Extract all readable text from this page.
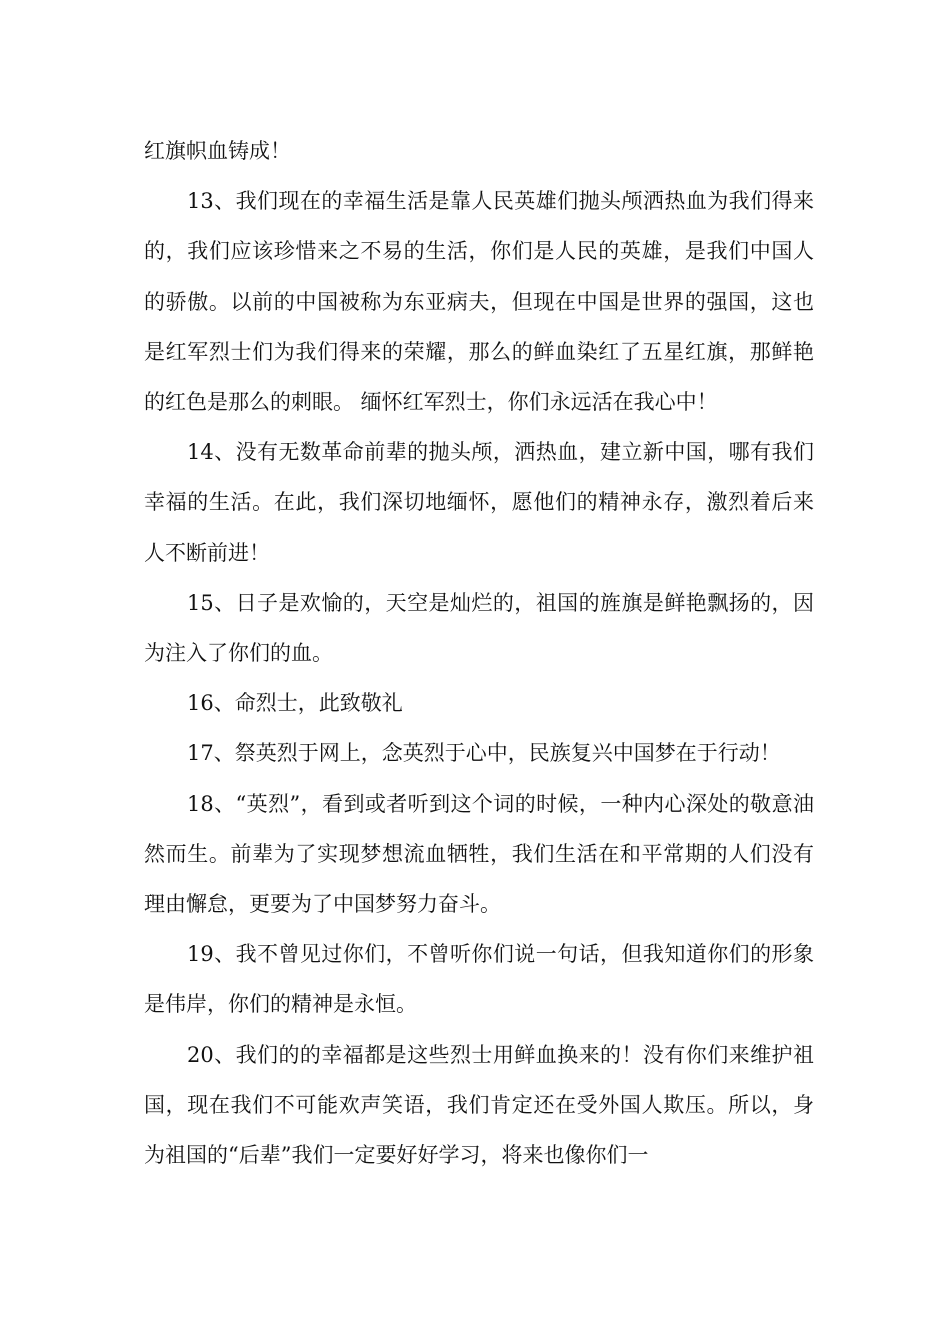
红旗帜血铸成！

13、我们现在的幸福生活是靠人民英雄们抛头颅洒热血为我们得来的，我们应该珍惜来之不易的生活，你们是人民的英雄，是我们中国人的骄傲。以前的中国被称为东亚病夫，但现在中国是世界的强国，这也是红军烈士们为我们得来的荣耀，那么的鲜血染红了五星红旗，那鲜艳的红色是那么的刺眼。 缅怀红军烈士，你们永远活在我心中！

14、没有无数革命前辈的抛头颅，洒热血，建立新中国，哪有我们幸福的生活。在此，我们深切地缅怀，愿他们的精神永存，激烈着后来人不断前进！

15、日子是欢愉的，天空是灿烂的，祖国的旌旗是鲜艳飘扬的，因为注入了你们的血。

16、命烈士，此致敬礼

17、祭英烈于网上，念英烈于心中，民族复兴中国梦在于行动！

18、“英烈”，看到或者听到这个词的时候，一种内心深处的敬意油然而生。前辈为了实现梦想流血牺牲，我们生活在和平常期的人们没有理由懈怠，更要为了中国梦努力奋斗。

19、我不曾见过你们，不曾听你们说一句话，但我知道你们的形象是伟岸，你们的精神是永恒。

20、我们的的幸福都是这些烈士用鲜血换来的！没有你们来维护祖国，现在我们不可能欢声笑语，我们肯定还在受外国人欺压。所以，身为祖国的“后辈”我们一定要好好学习，将来也像你们一
